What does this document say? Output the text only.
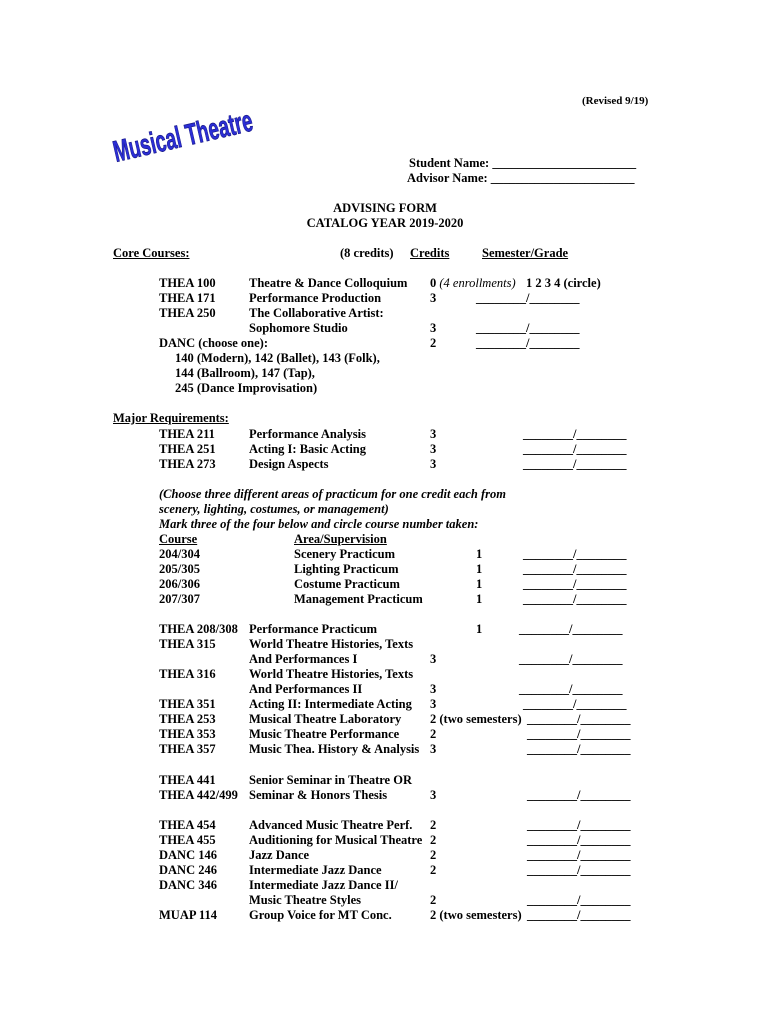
(Revised 9/19)
Musical Theatre	Student Name: _______________________
Advisor Name: _______________________
ADVISING FORM
CATALOG YEAR 2019-2020
Core Courses:	(8 credits) Credits	Semester/Grade
THEA 100	Theatre & Dance Colloquium 0 (4 enrollments) 1 2 3 4 (circle)
THEA 171	Performance Production	3	________/________
THEA 250	The Collaborative Artist:
Sophomore Studio	3	________/________
DANC (choose one):	2	________/________
140 (Modern), 142 (Ballet), 143 (Folk),
144 (Ballroom), 147 (Tap),
245 (Dance Improvisation)
Major Requirements:
THEA 211	Performance Analysis	3	________/________
THEA 251	Acting I: Basic Acting	3	________/________
THEA 273	Design Aspects	3	________/________
(Choose three different areas of practicum for one credit each from
scenery, lighting, costumes, or management)
Mark three of the four below and circle course number taken:
Course	Area/Supervision
204/304	Scenery Practicum	1	________/________
205/305	Lighting Practicum	1	________/________
206/306	Costume Practicum	1	________/________
207/307	Management Practicum	1	________/________
THEA 208/308 Performance Practicum	1	________/________
THEA 315	World Theatre Histories, Texts
And Performances I	3	________/________
THEA 316	World Theatre Histories, Texts
And Performances II	3	________/________
THEA 351	Acting II: Intermediate Acting 3	________/________
THEA 253	Musical Theatre Laboratory 2 (two semesters) ________/________
THEA 353	Music Theatre Performance 2	________/________
THEA 357	Music Thea. History & Analysis 3	________/________
THEA 441	Senior Seminar in Theatre OR
THEA 442/499 Seminar & Honors Thesis	3	________/________
THEA 454	Advanced Music Theatre Perf. 2	________/________
THEA 455	Auditioning for Musical Theatre 2	________/________
DANC 146	Jazz Dance	2	________/________
DANC 246	Intermediate Jazz Dance	2	________/________
DANC 346	Intermediate Jazz Dance II/
Music Theatre Styles	2	________/________
MUAP 114	Group Voice for MT Conc.	2 (two semesters) ________/________
